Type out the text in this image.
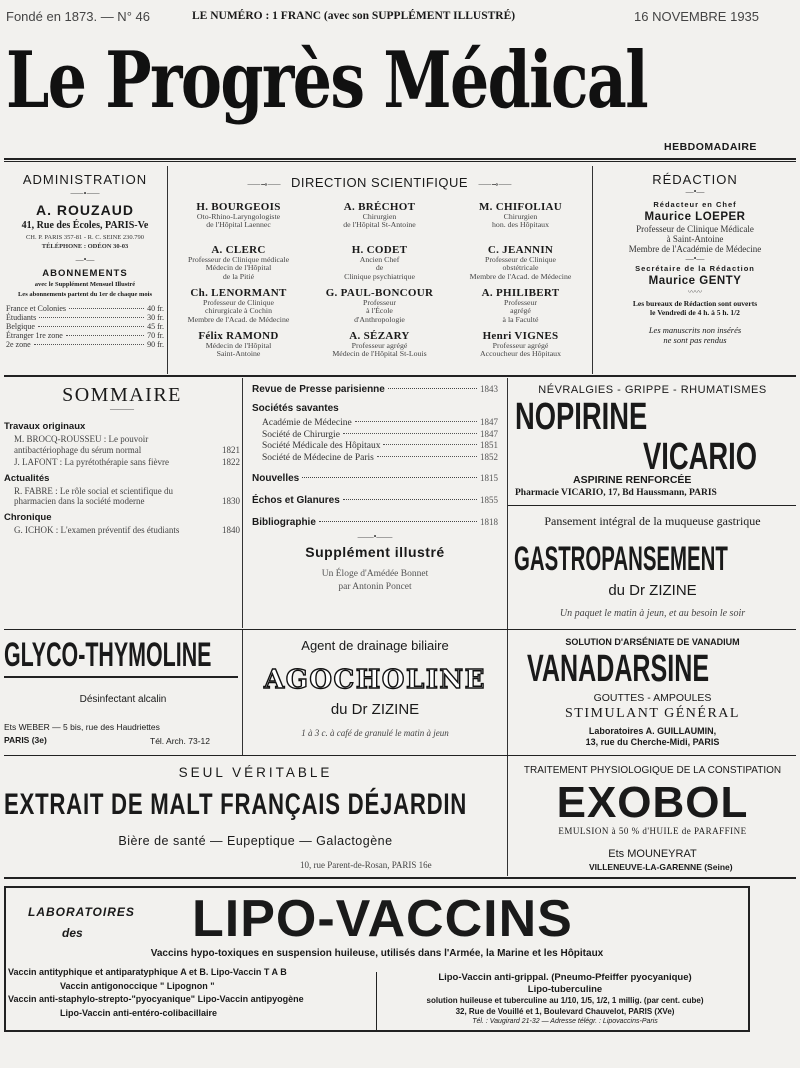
Fondé en 1873. — N° 46	LE NUMÉRO : 1 FRANC (avec son SUPPLÉMENT ILLUSTRÉ)	16 NOVEMBRE 1935
Le Progrès Médical
HEBDOMADAIRE
ADMINISTRATION
⸺•⸺
A. ROUZAUD
41, Rue des Écoles, PARIS-Ve
CH. P. PARIS 357-81 - R. C. SEINE 230.790
TÉLÉPHONE : ODÉON 30-03
—•—
ABONNEMENTS
avec le Supplément Mensuel Illustré
Les abonnements partent du 1er de chaque mois
France et Colonies	40 fr.
Étudiants	30 fr.
Belgique	45 fr.
Étranger 1re zone	70 fr.
2e zone	90 fr.
⸺⊸⸺ DIRECTION SCIENTIFIQUE ⸺⊸⸺
H. BOURGEOIS
Oto-Rhino-Laryngologiste
de l'Hôpital Laennec
A. BRÉCHOT
Chirurgien
de l'Hôpital St-Antoine
M. CHIFOLIAU
Chirurgien
hon. des Hôpitaux
A. CLERC
Professeur de Clinique médicale
Médecin de l'Hôpital
de la Pitié
H. CODET
Ancien Chef
de
Clinique psychiatrique
C. JEANNIN
Professeur de Clinique
obstétricale
Membre de l'Acad. de Médecine
Ch. LENORMANT
Professeur de Clinique
chirurgicale à Cochin
Membre de l'Acad. de Médecine
G. PAUL-BONCOUR
Professeur
à l'École
d'Anthropologie
A. PHILIBERT
Professeur
agrégé
à la Faculté
Félix RAMOND
Médecin de l'Hôpital
Saint-Antoine
A. SÉZARY
Professeur agrégé
Médecin de l'Hôpital St-Louis
Henri VIGNES
Professeur agrégé
Accoucheur des Hôpitaux
RÉDACTION
—•—
Rédacteur en Chef
Maurice LOEPER
Professeur de Clinique Médicale
à Saint-Antoine
Membre de l'Académie de Médecine
—•—
Secrétaire de la Rédaction
Maurice GENTY
〰〰
Les bureaux de Rédaction sont ouverts
le Vendredi de 4 h. à 5 h. 1/2
Les manuscrits non insérés
ne sont pas rendus
SOMMAIRE
———
Travaux originaux
M. BROCQ-ROUSSEU : Le pouvoir antibactériophage du sérum normal	1821
J. LAFONT : La pyrétothérapie sans fièvre	1822
Actualités
R. FABRE : Le rôle social et scientifique du pharmacien dans la société moderne	1830
Chronique
G. ICHOK : L'examen préventif des étudiants	1840
Revue de Presse parisienne	1843
Sociétés savantes
Académie de Médecine	1847
Société de Chirurgie	1847
Société Médicale des Hôpitaux	1851
Société de Médecine de Paris	1852
Nouvelles	1815
Échos et Glanures	1855
Bibliographie	1818
——•——
Supplément illustré
Un Éloge d'Amédée Bonnet
par Antonin Poncet
NÉVRALGIES - GRIPPE - RHUMATISMES
NOPIRINE
VICARIO
ASPIRINE RENFORCÉE
Pharmacie VICARIO, 17, Bd Haussmann, PARIS
Pansement intégral de la muqueuse gastrique
GASTROPANSEMENT
du Dr ZIZINE
Un paquet le matin à jeun, et au besoin le soir
GLYCO-THYMOLINE
Désinfectant alcalin
Ets WEBER — 5 bis, rue des Haudriettes
PARIS (3e)	Tél. Arch. 73-12
Agent de drainage biliaire
AGOCHOLINE
du Dr ZIZINE
1 à 3 c. à café de granulé le matin à jeun
SOLUTION D'ARSÉNIATE DE VANADIUM
VANADARSINE
GOUTTES - AMPOULES
STIMULANT GÉNÉRAL
Laboratoires A. GUILLAUMIN,
13, rue du Cherche-Midi, PARIS
SEUL VÉRITABLE
EXTRAIT DE MALT FRANÇAIS DÉJARDIN
Bière de santé — Eupeptique — Galactogène
10, rue Parent-de-Rosan, PARIS 16e
TRAITEMENT PHYSIOLOGIQUE DE LA CONSTIPATION
EXOBOL
EMULSION à 50 % d'HUILE de PARAFFINE
Ets MOUNEYRAT
VILLENEUVE-LA-GARENNE (Seine)
LABORATOIRES
des LIPO-VACCINS
Vaccins hypo-toxiques en suspension huileuse, utilisés dans l'Armée, la Marine et les Hôpitaux
Vaccin antityphique et antiparatyphique A et B. Lipo-Vaccin T A B
Vaccin antigonoccique " Lipognon "
Vaccin anti-staphylo-strepto-"pyocyanique" Lipo-Vaccin antipyogène
Lipo-Vaccin anti-entéro-colibacillaire
Lipo-Vaccin anti-grippal. (Pneumo-Pfeiffer pyocyanique)
Lipo-tuberculine
solution huileuse et tuberculine au 1/10, 1/5, 1/2, 1 millig. (par cent. cube)
32, Rue de Vouillé et 1, Boulevard Chauvelot, PARIS (XVe)
Tél. : Vaugirard 21-32 — Adresse télégr. : Lipovaccins-Paris
